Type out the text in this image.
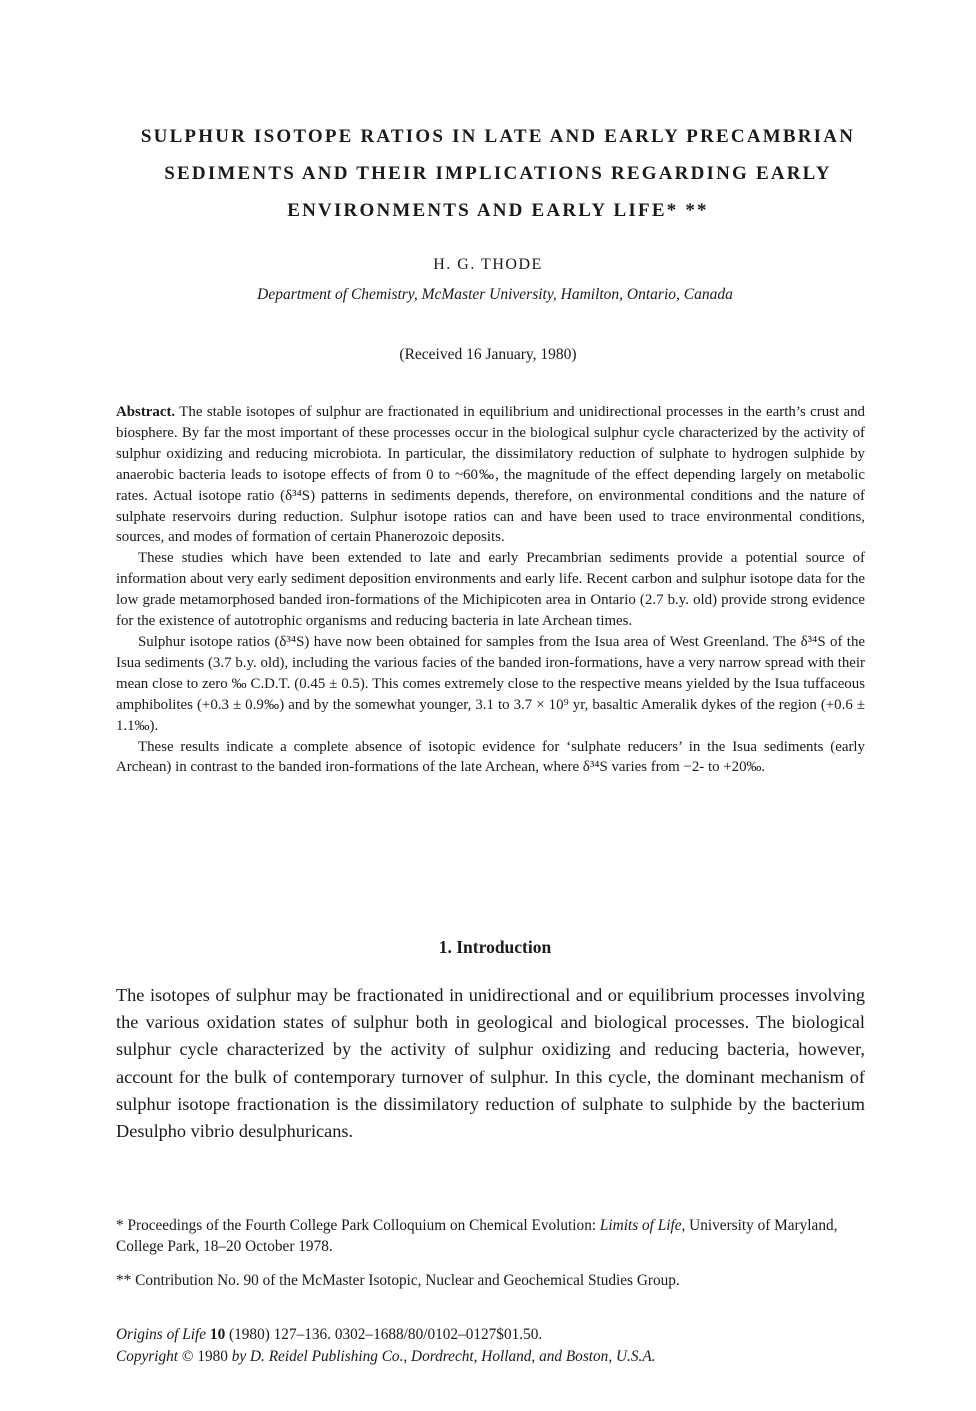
SULPHUR ISOTOPE RATIOS IN LATE AND EARLY PRECAMBRIAN
SEDIMENTS AND THEIR IMPLICATIONS REGARDING EARLY
ENVIRONMENTS AND EARLY LIFE* **
H. G. THODE
Department of Chemistry, McMaster University, Hamilton, Ontario, Canada
(Received 16 January, 1980)

Abstract. The stable isotopes of sulphur are fractionated in equilibrium and unidirectional processes in the earth’s crust and biosphere. By far the most important of these processes occur in the biological sulphur cycle characterized by the activity of sulphur oxidizing and reducing microbiota. In particular, the dissimilatory reduction of sulphate to hydrogen sulphide by anaerobic bacteria leads to isotope effects of from 0 to ~60‰, the magnitude of the effect depending largely on metabolic rates. Actual isotope ratio (δ³⁴S) patterns in sediments depends, therefore, on environmental conditions and the nature of sulphate reservoirs during reduction. Sulphur isotope ratios can and have been used to trace environmental conditions, sources, and modes of formation of certain Phanerozoic deposits.

These studies which have been extended to late and early Precambrian sediments provide a potential source of information about very early sediment deposition environments and early life. Recent carbon and sulphur isotope data for the low grade metamorphosed banded iron-formations of the Michipicoten area in Ontario (2.7 b.y. old) provide strong evidence for the existence of autotrophic organisms and reducing bacteria in late Archean times.

Sulphur isotope ratios (δ³⁴S) have now been obtained for samples from the Isua area of West Greenland. The δ³⁴S of the Isua sediments (3.7 b.y. old), including the various facies of the banded iron-formations, have a very narrow spread with their mean close to zero ‰ C.D.T. (0.45 ± 0.5). This comes extremely close to the respective means yielded by the Isua tuffaceous amphibolites (+0.3 ± 0.9‰) and by the somewhat younger, 3.1 to 3.7 × 10⁹ yr, basaltic Ameralik dykes of the region (+0.6 ± 1.1‰).

These results indicate a complete absence of isotopic evidence for ‘sulphate reducers’ in the Isua sediments (early Archean) in contrast to the banded iron-formations of the late Archean, where δ³⁴S varies from −2- to +20‰.

1. Introduction

The isotopes of sulphur may be fractionated in unidirectional and or equilibrium processes involving the various oxidation states of sulphur both in geological and biological processes. The biological sulphur cycle characterized by the activity of sulphur oxidizing and reducing bacteria, however, account for the bulk of contemporary turnover of sulphur. In this cycle, the dominant mechanism of sulphur isotope fractionation is the dissimilatory reduction of sulphate to sulphide by the bacterium Desulpho vibrio desulphuricans.

* Proceedings of the Fourth College Park Colloquium on Chemical Evolution: Limits of Life, University of Maryland, College Park, 18–20 October 1978.

** Contribution No. 90 of the McMaster Isotopic, Nuclear and Geochemical Studies Group.

Origins of Life 10 (1980) 127–136. 0302–1688/80/0102–0127$01.50.
Copyright © 1980 by D. Reidel Publishing Co., Dordrecht, Holland, and Boston, U.S.A.
